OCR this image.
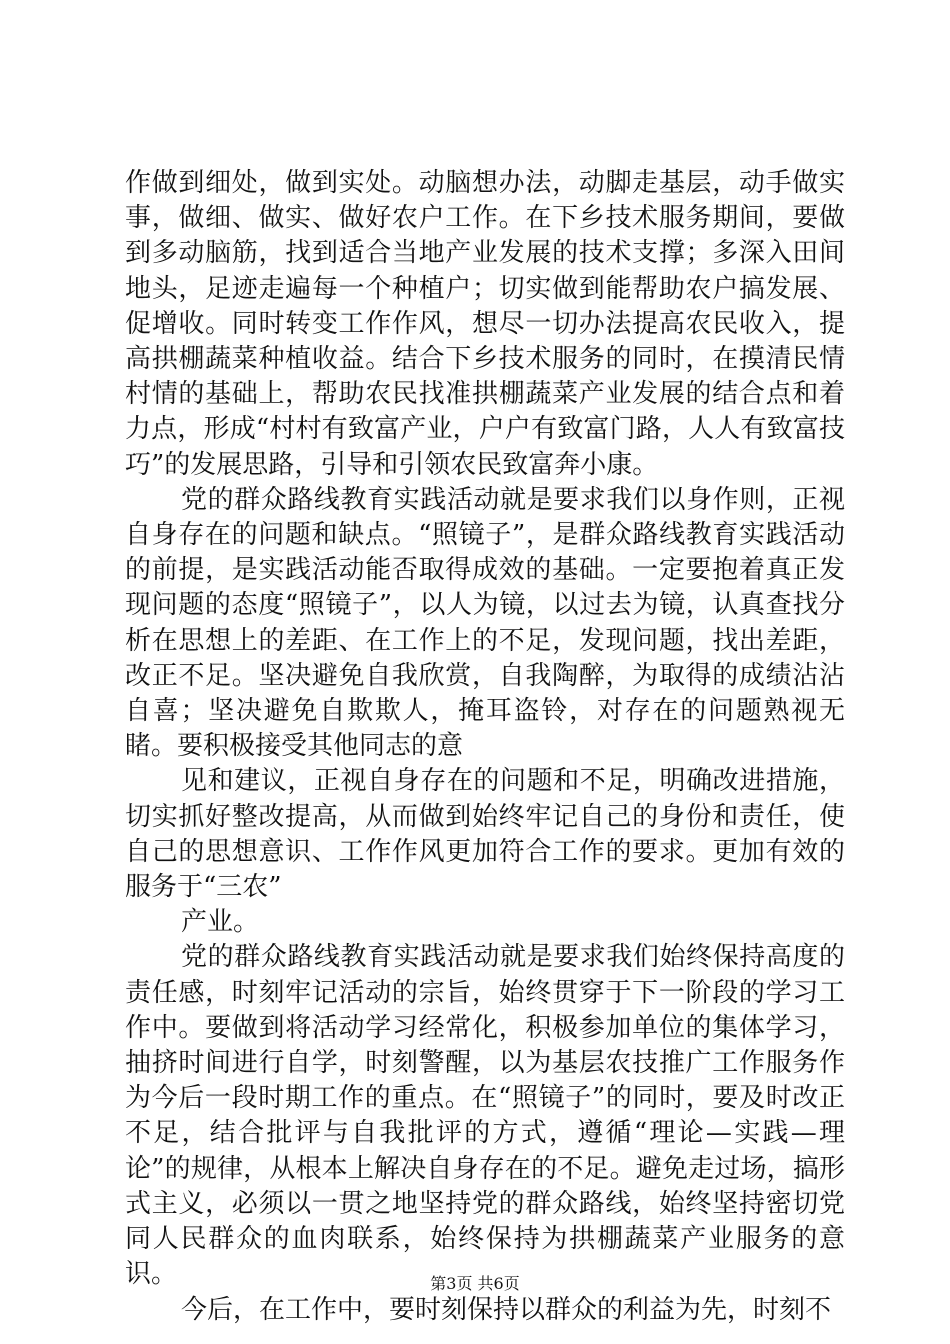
作做到细处，做到实处。动脑想办法，动脚走基层，动手做实事，做细、做实、做好农户工作。在下乡技术服务期间，要做到多动脑筋，找到适合当地产业发展的技术支撑；多深入田间地头，足迹走遍每一个种植户；切实做到能帮助农户搞发展、促增收。同时转变工作作风，想尽一切办法提高农民收入，提高拱棚蔬菜种植收益。结合下乡技术服务的同时，在摸清民情村情的基础上，帮助农民找准拱棚蔬菜产业发展的结合点和着力点，形成“村村有致富产业，户户有致富门路，人人有致富技巧”的发展思路，引导和引领农民致富奔小康。

党的群众路线教育实践活动就是要求我们以身作则，正视自身存在的问题和缺点。“照镜子”，是群众路线教育实践活动的前提，是实践活动能否取得成效的基础。一定要抱着真正发现问题的态度“照镜子”，以人为镜，以过去为镜，认真查找分析在思想上的差距、在工作上的不足，发现问题，找出差距，改正不足。坚决避免自我欣赏，自我陶醉，为取得的成绩沾沾自喜；坚决避免自欺欺人，掩耳盗铃，对存在的问题熟视无睹。要积极接受其他同志的意

见和建议，正视自身存在的问题和不足，明确改进措施，切实抓好整改提高，从而做到始终牢记自己的身份和责任，使自己的思想意识、工作作风更加符合工作的要求。更加有效的服务于“三农”

产业。

党的群众路线教育实践活动就是要求我们始终保持高度的责任感，时刻牢记活动的宗旨，始终贯穿于下一阶段的学习工作中。要做到将活动学习经常化，积极参加单位的集体学习，抽挤时间进行自学，时刻警醒，以为基层农技推广工作服务作为今后一段时期工作的重点。在“照镜子”的同时，要及时改正不足，结合批评与自我批评的方式，遵循“理论—实践—理论”的规律，从根本上解决自身存在的不足。避免走过场，搞形式主义，必须以一贯之地坚持党的群众路线，始终坚持密切党同人民群众的血肉联系，始终保持为拱棚蔬菜产业服务的意识。

今后，在工作中，要时刻保持以群众的利益为先，时刻不

第3页 共6页
